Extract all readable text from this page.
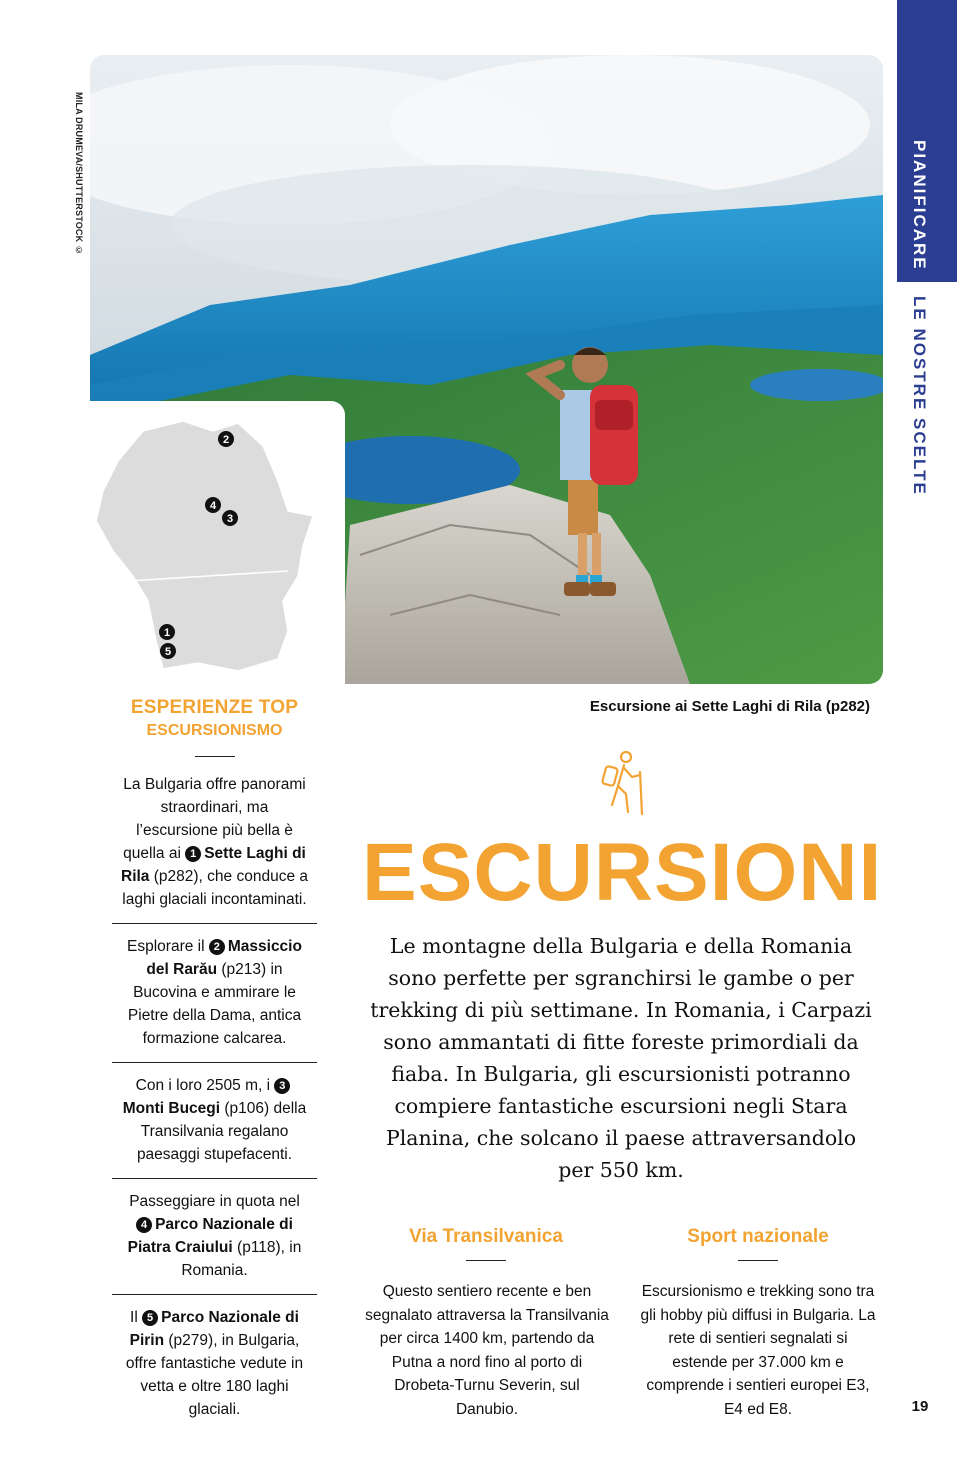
MILA DRUMEVA/SHUTTERSTOCK ©	PIANIFICARE
LE NOSTRE SCELTE
2
4
3
1
5
Escursione ai Sette Laghi di Rila (p282)
ESPERIENZE TOP
ESCURSIONISMO
La Bulgaria offre panorami straordinari, ma l’escursione più bella è quella ai 1 Sette Laghi di Rila (p282), che conduce a laghi glaciali incontaminati.
Esplorare il 2 Massiccio del Rarău (p213) in Bucovina e ammirare le Pietre della Dama, antica formazione calcarea.
Con i loro 2505 m, i 3Monti Bucegi (p106) della Transilvania regalano paesaggi stupefacenti.
Passeggiare in quota nel 4 Parco Nazionale di Piatra Craiului (p118), in Romania.
Il 5 Parco Nazionale di Pirin (p279), in Bulgaria, offre fantastiche vedute in vetta e oltre 180 laghi glaciali.
ESCURSIONI
Le montagne della Bulgaria e della Romania sono perfette per sgranchirsi le gambe o per trekking di più settimane. In Romania, i Carpazi sono ammantati di fitte foreste primordiali da fiaba. In Bulgaria, gli escursionisti potranno compiere fantastiche escursioni negli Stara Planina, che solcano il paese attraversandolo per 550 km.
Via Transilvanica
Questo sentiero recente e ben segnalato attraversa la Transilvania per circa 1400 km, partendo da Putna a nord fino al porto di Drobeta-Turnu Severin, sul Danubio.
Sport nazionale
Escursionismo e trekking sono tra gli hobby più diffusi in Bulgaria. La rete di sentieri segnalati si estende per 37.000 km e comprende i sentieri europei E3, E4 ed E8.	19
